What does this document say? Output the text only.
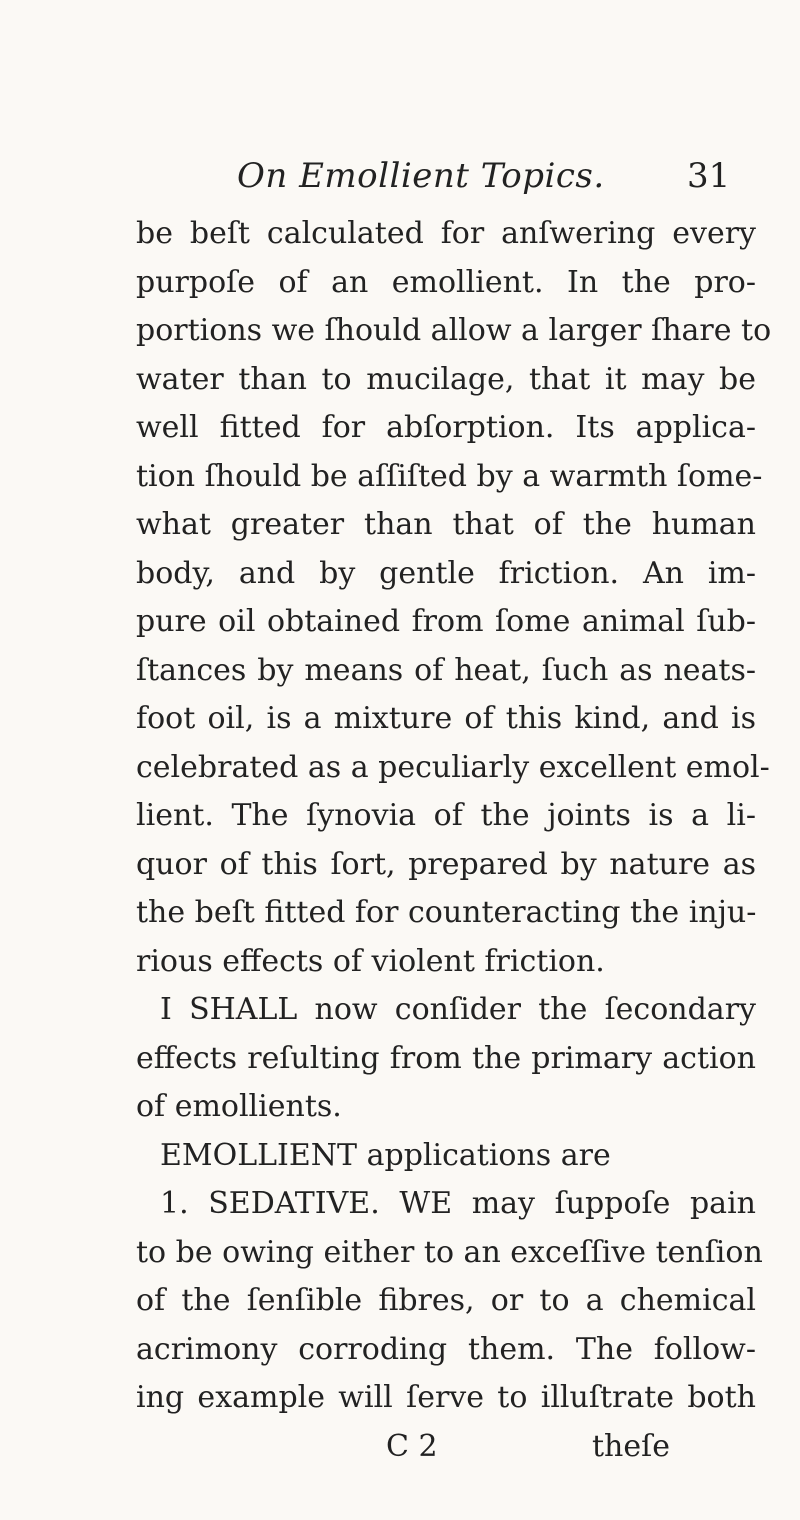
On Emollient Topics. 31
be beſt calculated for anſwering every
purpoſe of an emollient. In the pro-
portions we ſhould allow a larger ſhare to
water than to mucilage, that it may be
well fitted for abſorption. Its applica-
tion ſhould be aſſiſted by a warmth ſome-
what greater than that of the human
body, and by gentle friction. An im-
pure oil obtained from ſome animal ſub-
ſtances by means of heat, ſuch as neats-
foot oil, is a mixture of this kind, and is
celebrated as a peculiarly excellent emol-
lient. The ſynovia of the joints is a li-
quor of this ſort, prepared by nature as
the beſt fitted for counteracting the inju-
rious effects of violent friction.
I SHALL now conſider the ſecondary
effects reſulting from the primary action
of emollients.
EMOLLIENT applications are
1. SEDATIVE. WE may ſuppoſe pain
to be owing either to an exceſſive tenſion
of the ſenſible fibres, or to a chemical
acrimony corroding them. The follow-
ing example will ſerve to illuſtrate both
C 2	theſe
